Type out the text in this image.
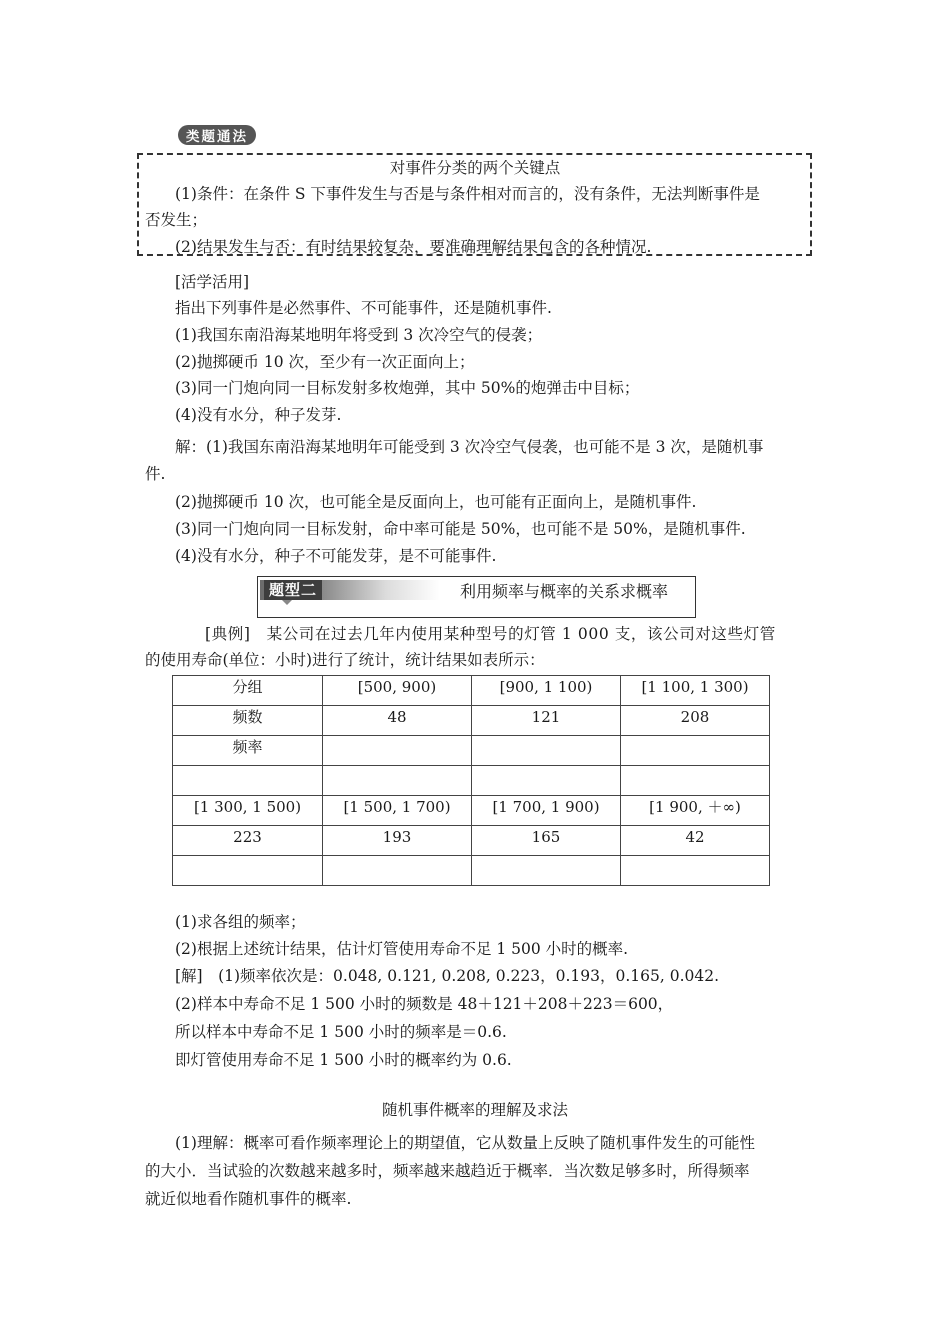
类题通法
对事件分类的两个关键点
(1)条件：在条件 S 下事件发生与否是与条件相对而言的，没有条件，无法判断事件是
否发生；
(2)结果发生与否：有时结果较复杂，要准确理解结果包含的各种情况.
[活学活用]
指出下列事件是必然事件、不可能事件，还是随机事件.
(1)我国东南沿海某地明年将受到 3 次冷空气的侵袭；
(2)抛掷硬币 10 次，至少有一次正面向上；
(3)同一门炮向同一目标发射多枚炮弹，其中 50%的炮弹击中目标；
(4)没有水分，种子发芽.
解：(1)我国东南沿海某地明年可能受到 3 次冷空气侵袭，也可能不是 3 次，是随机事
件.
(2)抛掷硬币 10 次，也可能全是反面向上，也可能有正面向上，是随机事件.
(3)同一门炮向同一目标发射，命中率可能是 50%，也可能不是 50%，是随机事件.
(4)没有水分，种子不可能发芽，是不可能事件.
题型二	利用频率与概率的关系求概率
[典例]　某公司在过去几年内使用某种型号的灯管 1 000 支，该公司对这些灯管
的使用寿命(单位：小时)进行了统计，统计结果如表所示：
分组	[500, 900)	[900, 1 100)	[1 100, 1 300)
频数	48	121	208
频率			

[1 300, 1 500)	[1 500, 1 700)	[1 700, 1 900)	[1 900, ＋∞)
223	193	165	42

(1)求各组的频率；
(2)根据上述统计结果，估计灯管使用寿命不足 1 500 小时的概率.
[解]　(1)频率依次是：0.048, 0.121, 0.208, 0.223，0.193，0.165, 0.042.
(2)样本中寿命不足 1 500 小时的频数是 48＋121＋208＋223＝600，
所以样本中寿命不足 1 500 小时的频率是＝0.6.
即灯管使用寿命不足 1 500 小时的概率约为 0.6.
随机事件概率的理解及求法
(1)理解：概率可看作频率理论上的期望值，它从数量上反映了随机事件发生的可能性
的大小．当试验的次数越来越多时，频率越来越趋近于概率．当次数足够多时，所得频率
就近似地看作随机事件的概率.
